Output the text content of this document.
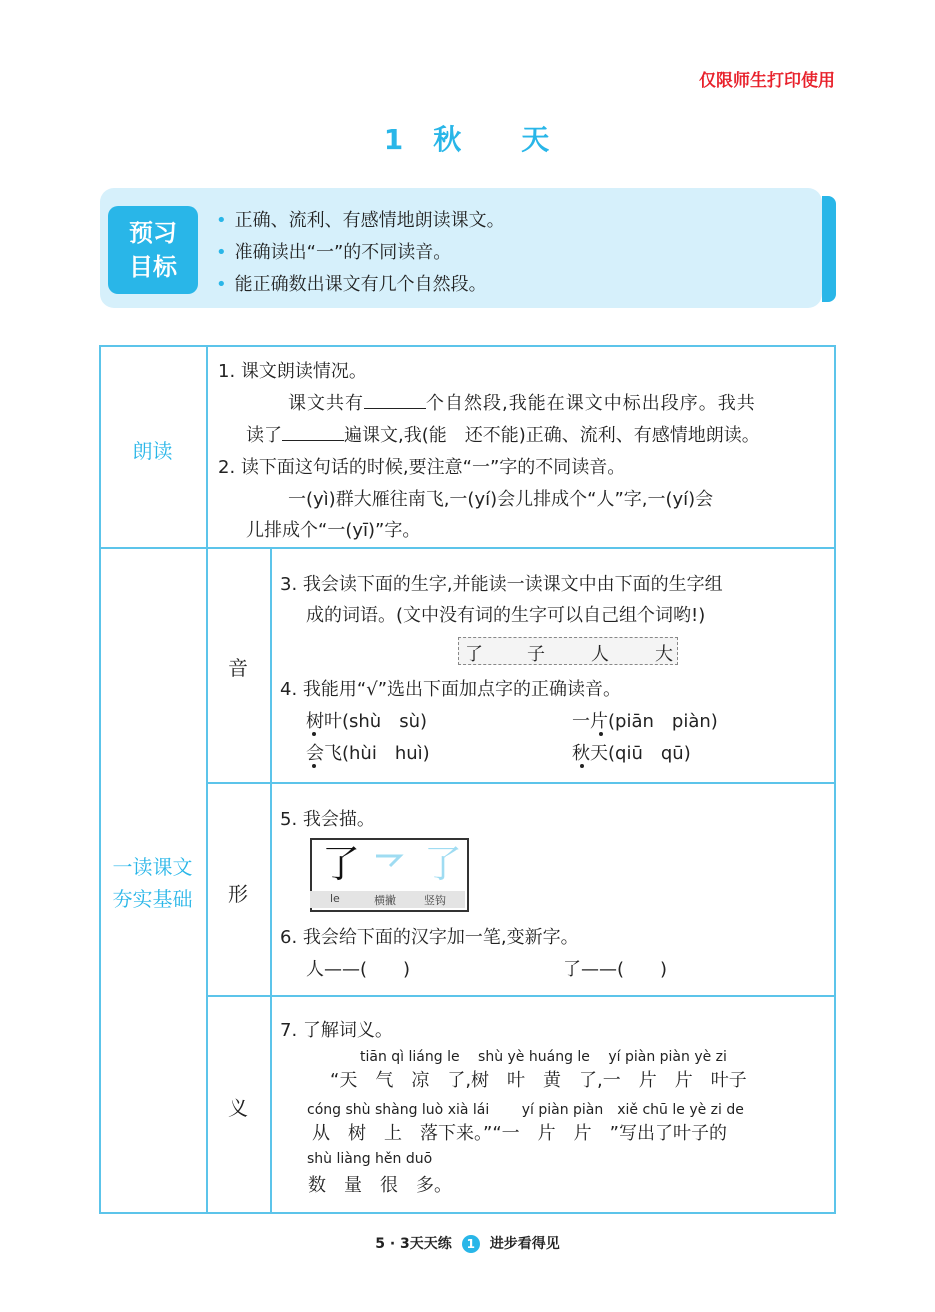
仅限师生打印使用
1 秋 天
预习
目标
• 正确、流利、有感情地朗读课文。
• 准确读出“一”的不同读音。
• 能正确数出课文有几个自然段。
朗读
1. 课文朗读情况。
课文共有	个自然段,我能在课文中标出段序。我共
读了	遍课文,我(能　还不能)正确、流利、有感情地朗读。
2. 读下面这句话的时候,要注意“一”字的不同读音。
一(yì)群大雁往南飞,一(yí)会儿排成个“人”字,一(yí)会
儿排成个“一(yī)”字。
一读课文
夯实基础
音
3. 我会读下面的生字,并能读一读课文中由下面的生字组
成的词语。(文中没有词的生字可以自己组个词哟!)
了 子	人	大
4. 我能用“√”选出下面加点字的正确读音。
树叶(shù　sù)	一片(piān　piàn)
会飞(hùi　huì)	秋天(qiū　qū)
形
5. 我会描。
了 了
le	横撇	竖钩
6. 我会给下面的汉字加一笔,变新字。
人——(　　)	了——(　　)
义
7. 了解词义。
tiān qì liáng le　 shù yè huáng le　 yí piàn piàn yè zi
“天　气　凉　了,树　叶　黄　了,一　片　片　叶子
cóng shù shàng luò xià lái　　 yí piàn piàn　xiě chū le yè zi de
从　树　上　落下来。”“一　片　片　”写出了叶子的
shù liàng hěn duō
数　量　很　多。
5 · 3天天练 1 进步看得见
